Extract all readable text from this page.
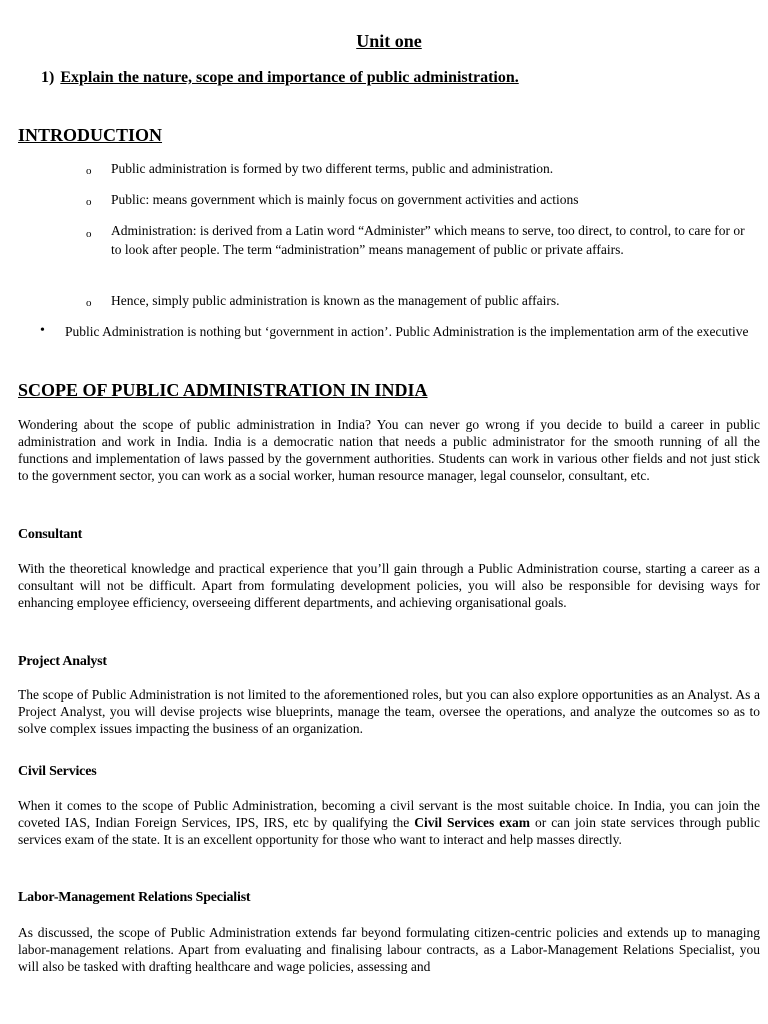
Unit one
1) Explain the nature, scope and importance of public administration.
INTRODUCTION
o Public administration is formed by two different terms, public and administration.
o Public: means government which is mainly focus on government activities and actions
o Administration: is derived from a Latin word “Administer” which means to serve, too direct, to control, to care for or to look after people. The term “administration” means management of public or private affairs.
o Hence, simply public administration is known as the management of public affairs.
• Public Administration is nothing but ‘government in action’. Public Administration is the implementation arm of the executive
SCOPE OF PUBLIC ADMINISTRATION IN INDIA
Wondering about the scope of public administration in India? You can never go wrong if you decide to build a career in public administration and work in India. India is a democratic nation that needs a public administrator for the smooth running of all the functions and implementation of laws passed by the government authorities. Students can work in various other fields and not just stick to the government sector, you can work as a social worker, human resource manager, legal counselor, consultant, etc.
Consultant
With the theoretical knowledge and practical experience that you’ll gain through a Public Administration course, starting a career as a consultant will not be difficult. Apart from formulating development policies, you will also be responsible for devising ways for enhancing employee efficiency, overseeing different departments, and achieving organisational goals.
Project Analyst
The scope of Public Administration is not limited to the aforementioned roles, but you can also explore opportunities as an Analyst. As a Project Analyst, you will devise projects wise blueprints, manage the team, oversee the operations, and analyze the outcomes so as to solve complex issues impacting the business of an organization.
Civil Services
When it comes to the scope of Public Administration, becoming a civil servant is the most suitable choice. In India, you can join the coveted IAS, Indian Foreign Services, IPS, IRS, etc by qualifying the Civil Services exam or can join state services through public services exam of the state. It is an excellent opportunity for those who want to interact and help masses directly.
Labor-Management Relations Specialist
As discussed, the scope of Public Administration extends far beyond formulating citizen-centric policies and extends up to managing labor-management relations. Apart from evaluating and finalising labour contracts, as a Labor-Management Relations Specialist, you will also be tasked with drafting healthcare and wage policies, assessing and
